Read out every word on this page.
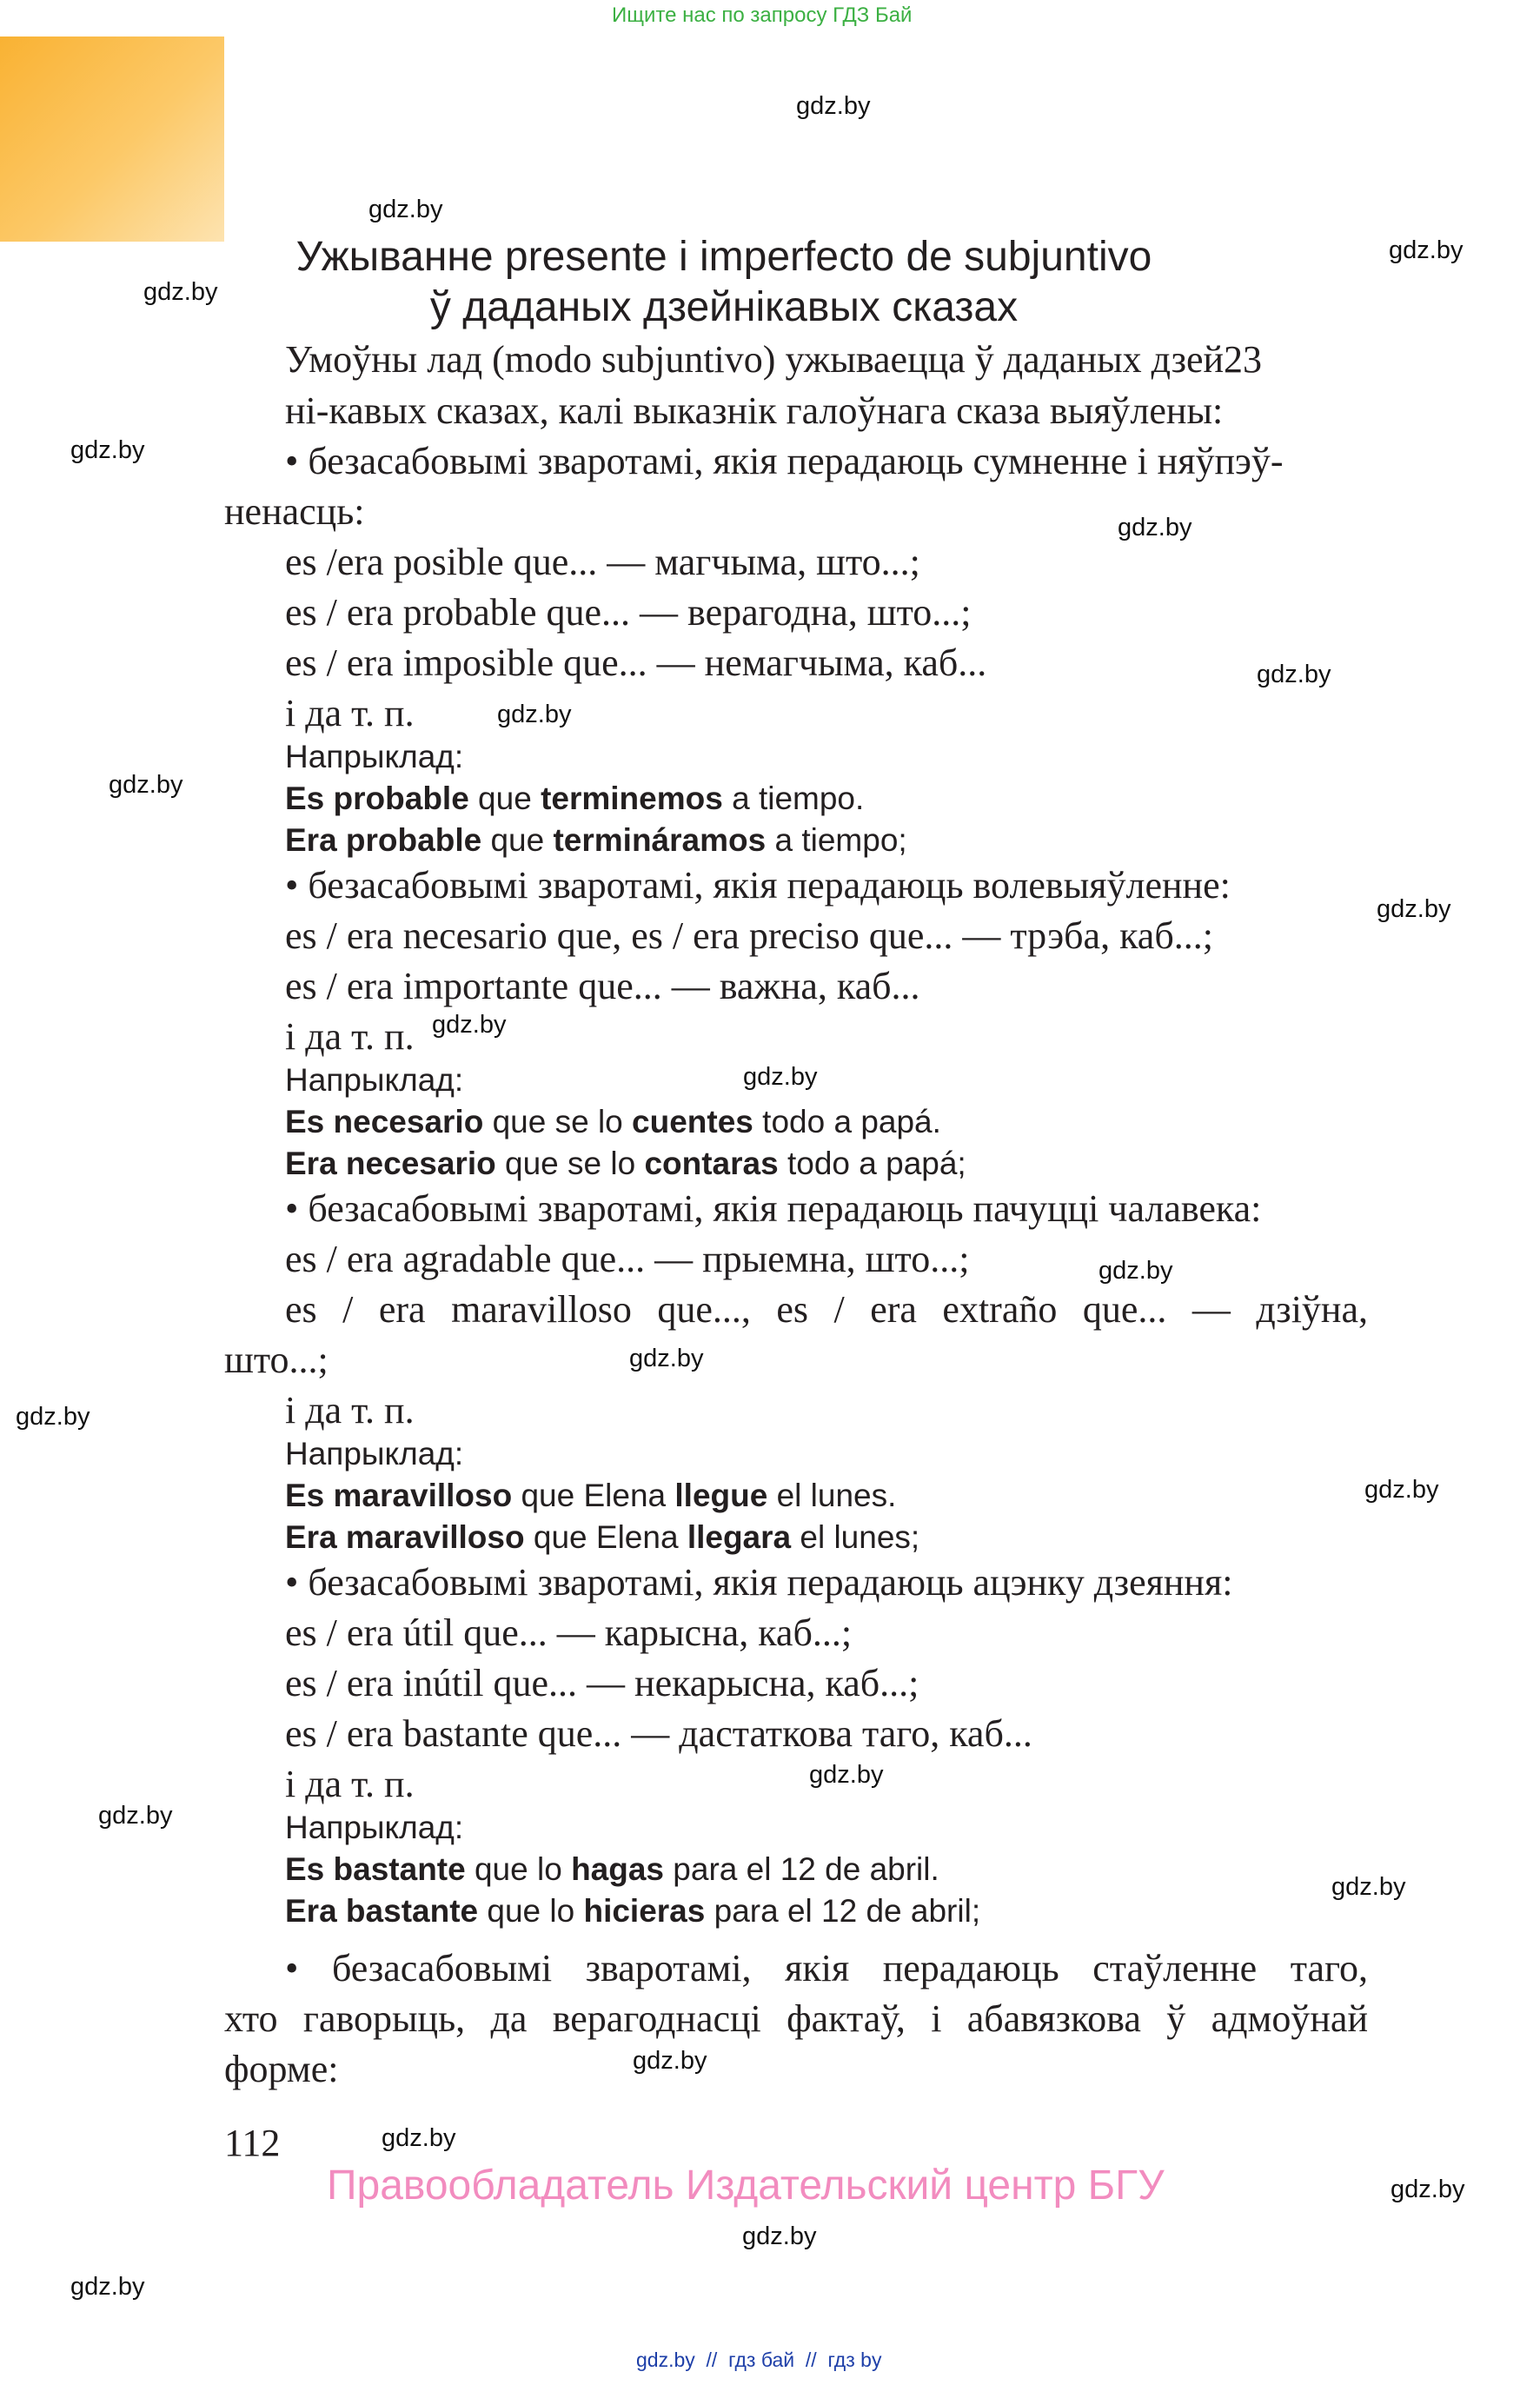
Ищите нас по запросу ГДЗ Бай
gdz.by
gdz.by
gdz.by
gdz.by
gdz.by
gdz.by
gdz.by
gdz.by
gdz.by
gdz.by
gdz.by
gdz.by
gdz.by
gdz.by
gdz.by
gdz.by
gdz.by
gdz.by
gdz.by
gdz.by
gdz.by
gdz.by
gdz.by
gdz.by
Ужыванне presente i imperfecto de subjuntivo
ў даданых дзейнікавых сказах
Умоўны лад (modo subjuntivo) ужываецца ў даданых дзей23
ні-кавых сказах, калі выказнік галоўнага сказа выяўлены:
• безасабовымі зваротамі, якія перадаюць сумненне і няўпэў-
ненасць:
es /era posible que... — магчыма, што...;
es / era probable que... — верагодна, што...;
es / era imposible que... — немагчыма, каб...
і да т. п.
Напрыклад:
Es probable que terminemos a tiempo.
Era probable que termináramos a tiempo;
• безасабовымі зваротамі, якія перадаюць волевыяўленне:
es / era necesario que, es / era preciso que... — трэба, каб...;
es / era importante que... — важна, каб...
і да т. п.
Напрыклад:
Es necesario que se lo cuentes todo a papá.
Era necesario que se lo contaras todo a papá;
• безасабовымі зваротамі, якія перадаюць пачуцці чалавека:
es / era agradable que... — прыемна, што...;
es / era maravilloso que..., es / era extraño que... — дзіўна,
што...;
і да т. п.
Напрыклад:
Es maravilloso que Elena llegue el lunes.
Era maravilloso que Elena llegara el lunes;
• безасабовымі зваротамі, якія перадаюць ацэнку дзеяння:
es / era útil que... — карысна, каб...;
es / era inútil que... — некарысна, каб...;
es / era bastante que... — дастаткова таго, каб...
і да т. п.
Напрыклад:
Es bastante que lo hagas para el 12 de abril.
Era bastante que lo hicieras para el 12 de abril;
• безасабовымі зваротамі, якія перадаюць стаўленне таго,
хто гаворыць, да верагоднасці фактаў, і абавязкова ў адмоўнай
форме:
112
Правообладатель Издательский центр БГУ
gdz.by  //  гдз бай  //  гдз by
